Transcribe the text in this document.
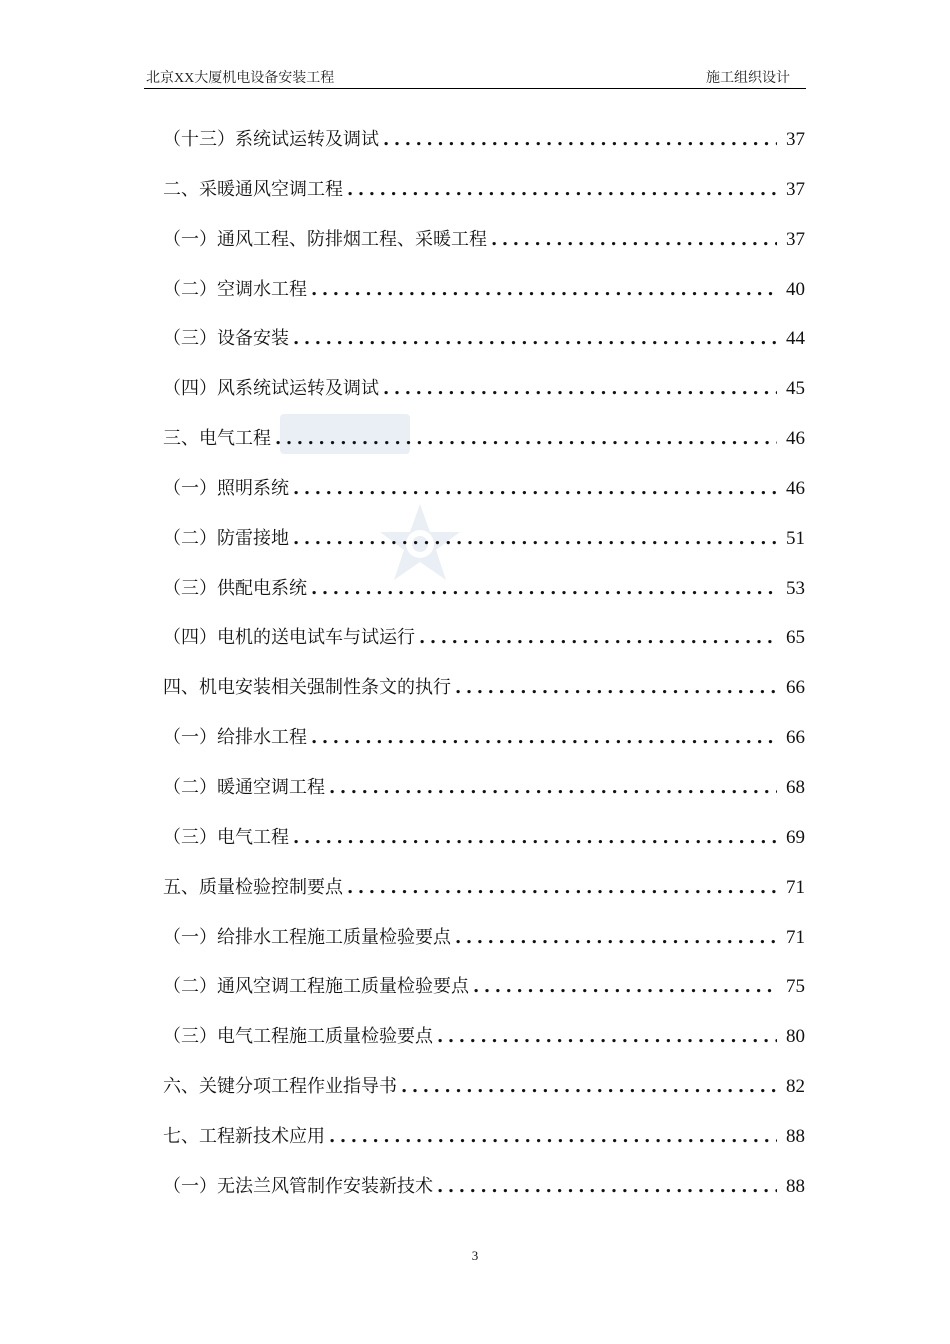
北京XX大厦机电设备安装工程	施工组织设计
（十三）系统试运转及调试 .....	37
二、采暖通风空调工程 .....	37
（一）通风工程、防排烟工程、采暖工程 .....	37
（二）空调水工程 .....	40
（三）设备安装 .....	44
（四）风系统试运转及调试 .....	45
三、电气工程 .....	46
（一）照明系统 .....	46
（二）防雷接地 .....	51
（三）供配电系统 .....	53
（四）电机的送电试车与试运行 .....	65
四、机电安装相关强制性条文的执行 .....	66
（一）给排水工程 .....	66
（二）暖通空调工程 .....	68
（三）电气工程 .....	69
五、质量检验控制要点 .....	71
（一）给排水工程施工质量检验要点 .....	71
（二）通风空调工程施工质量检验要点 .....	75
（三）电气工程施工质量检验要点 .....	80
六、关键分项工程作业指导书 .....	82
七、工程新技术应用 .....	88
（一）无法兰风管制作安装新技术 .....	88
3
